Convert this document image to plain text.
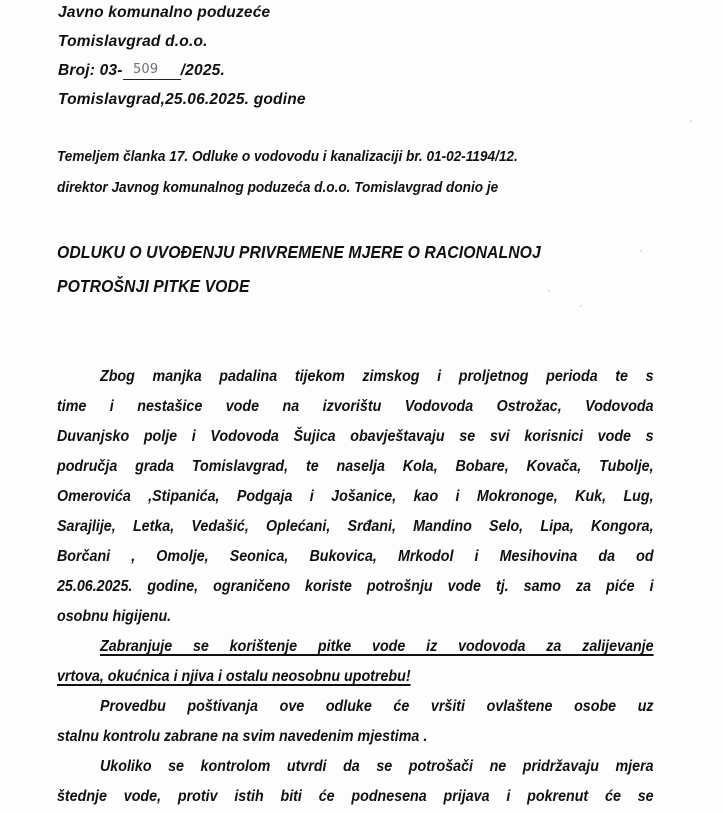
Javno komunalno poduzeće
Tomislavgrad d.o.o.
Broj: 03- 509 /2025.
Tomislavgrad,25.06.2025. godine
Temeljem članka 17. Odluke o vodovodu i kanalizaciji br. 01-02-1194/12.
direktor Javnog komunalnog poduzeća d.o.o. Tomislavgrad donio je
ODLUKU O UVOĐENJU PRIVREMENE MJERE O RACIONALNOJ
POTROŠNJI PITKE VODE
Zbog manjka padalina tijekom zimskog i proljetnog perioda te s
time i nestašice vode na izvorištu Vodovoda Ostrožac, Vodovoda
Duvanjsko polje i Vodovoda Šujica obavještavaju se svi korisnici vode s
područja grada Tomislavgrad, te naselja Kola, Bobare, Kovača, Tubolje,
Omerovića ,Stipanića, Podgaja i Jošanice, kao i Mokronoge, Kuk, Lug,
Sarajlije, Letka, Vedašić, Oplećani, Srđani, Mandino Selo, Lipa, Kongora,
Borčani , Omolje, Seonica, Bukovica, Mrkodol i Mesihovina da od
25.06.2025. godine, ograničeno koriste potrošnju vode tj. samo za piće i
osobnu higijenu.
Zabranjuje se korištenje pitke vode iz vodovoda za zalijevanje
vrtova, okućnica i njiva i ostalu neosobnu upotrebu!
Provedbu poštivanja ove odluke će vršiti ovlaštene osobe uz
stalnu kontrolu zabrane na svim navedenim mjestima .
Ukoliko se kontrolom utvrdi da se potrošači ne pridržavaju mjera
štednje vode, protiv istih biti će podnesena prijava i pokrenut će se
